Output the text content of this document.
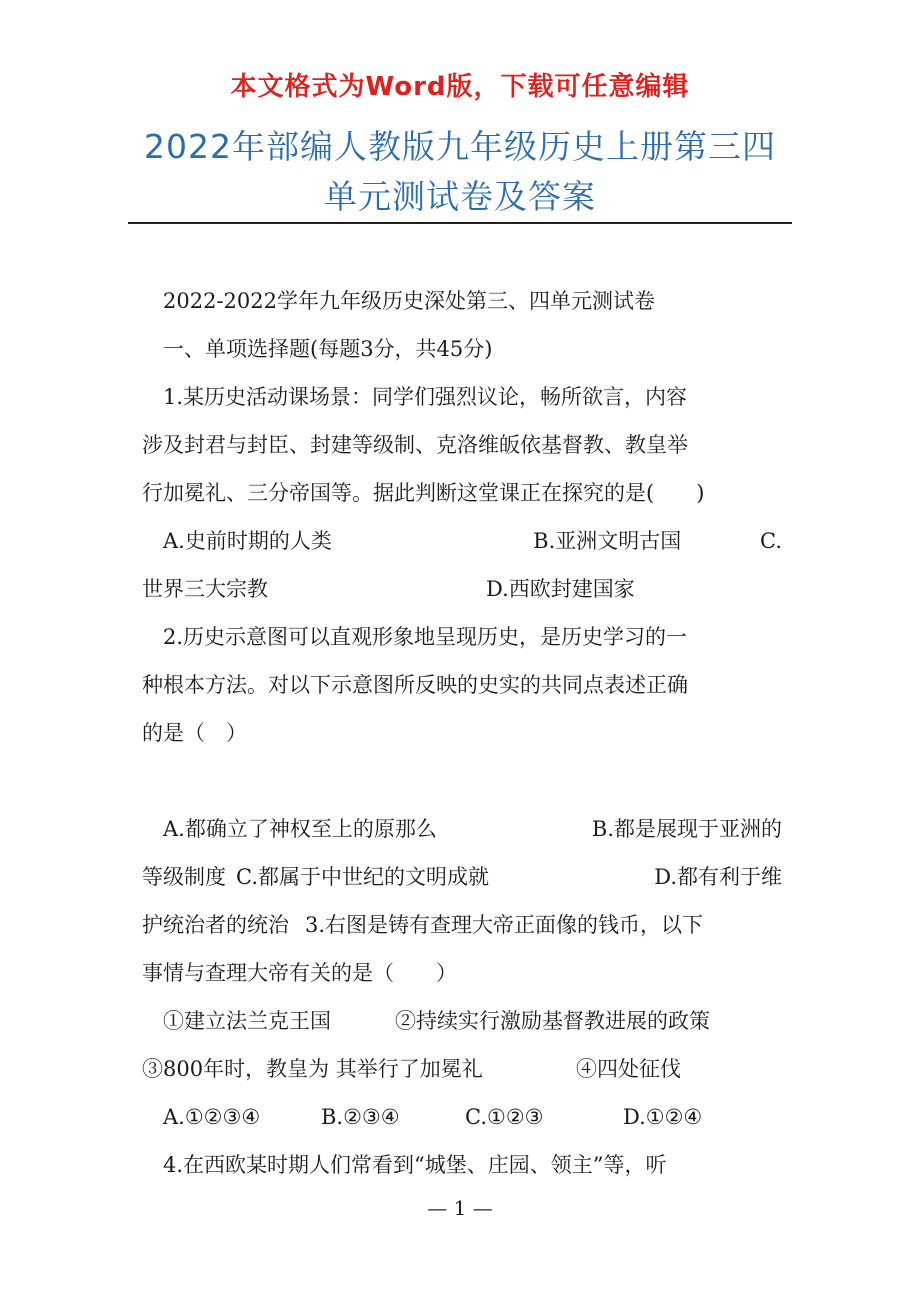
本文格式为Word版，下载可任意编辑
2022年部编人教版九年级历史上册第三四
单元测试卷及答案
2022-2022学年九年级历史深处第三、四单元测试卷
一、单项选择题(每题3分，共45分)
1.某历史活动课场景：同学们强烈议论，畅所欲言，内容
涉及封君与封臣、封建等级制、克洛维皈依基督教、教皇举
行加冕礼、三分帝国等。据此判断这堂课正在探究的是(　　)
A.史前时期的人类	B.亚洲文明古国	C.
世界三大宗教	D.西欧封建国家
2.历史示意图可以直观形象地呈现历史，是历史学习的一
种根本方法。对以下示意图所反映的史实的共同点表述正确
的是（　）
A.都确立了神权至上的原那么	B.都是展现于亚洲的
等级制度 C.都属于中世纪的文明成就	D.都有利于维
护统治者的统治 3.右图是铸有查理大帝正面像的钱币，以下
事情与查理大帝有关的是（　　）
①建立法兰克王国	②持续实行激励基督教进展的政策
③800年时，教皇为 其举行了加冕礼	④四处征伐
A.①②③④	B.②③④	C.①②③	D.①②④
4.在西欧某时期人们常看到“城堡、庄园、领主”等，听
— 1 —
